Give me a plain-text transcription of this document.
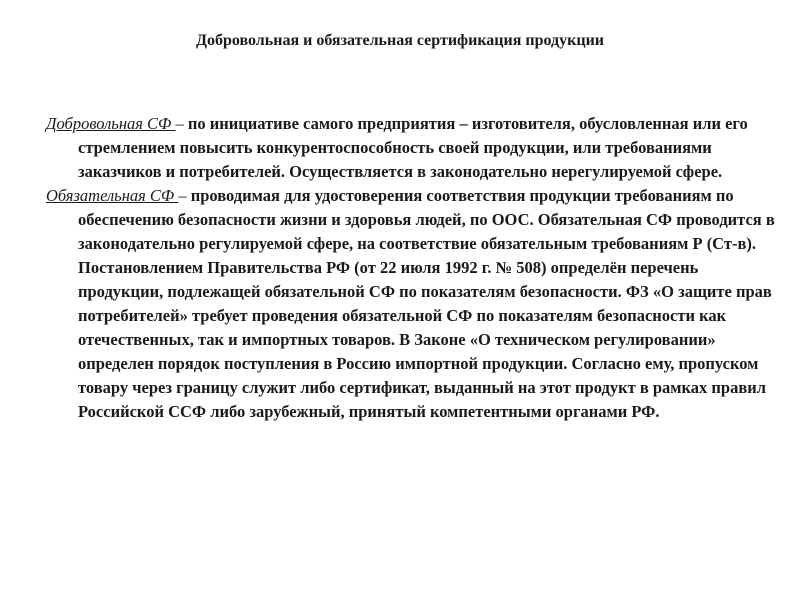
Добровольная и обязательная сертификация продукции

Добровольная СФ – по инициативе самого предприятия – изготовителя, обусловленная или его стремлением повысить конкурентоспособность своей продукции, или требованиями заказчиков и потребителей. Осуществляется в законодательно нерегулируемой сфере.

Обязательная СФ – проводимая для удостоверения соответствия продукции требованиям по обеспечению безопасности жизни и здоровья людей, по ООС. Обязательная СФ проводится в законодательно регулируемой сфере, на соответствие обязательным требованиям Р (Ст-в). Постановлением Правительства РФ (от 22 июля 1992 г. № 508) определён перечень продукции, подлежащей обязательной СФ по показателям безопасности. ФЗ «О защите прав потребителей» требует проведения обязательной СФ по показателям безопасности как отечественных, так и импортных товаров. В Законе «О техническом регулировании» определен порядок поступления в Россию импортной продукции. Согласно ему, пропуском товару через границу служит либо сертификат, выданный на этот продукт в рамках правил Российской ССФ либо зарубежный, принятый компетентными органами РФ.
